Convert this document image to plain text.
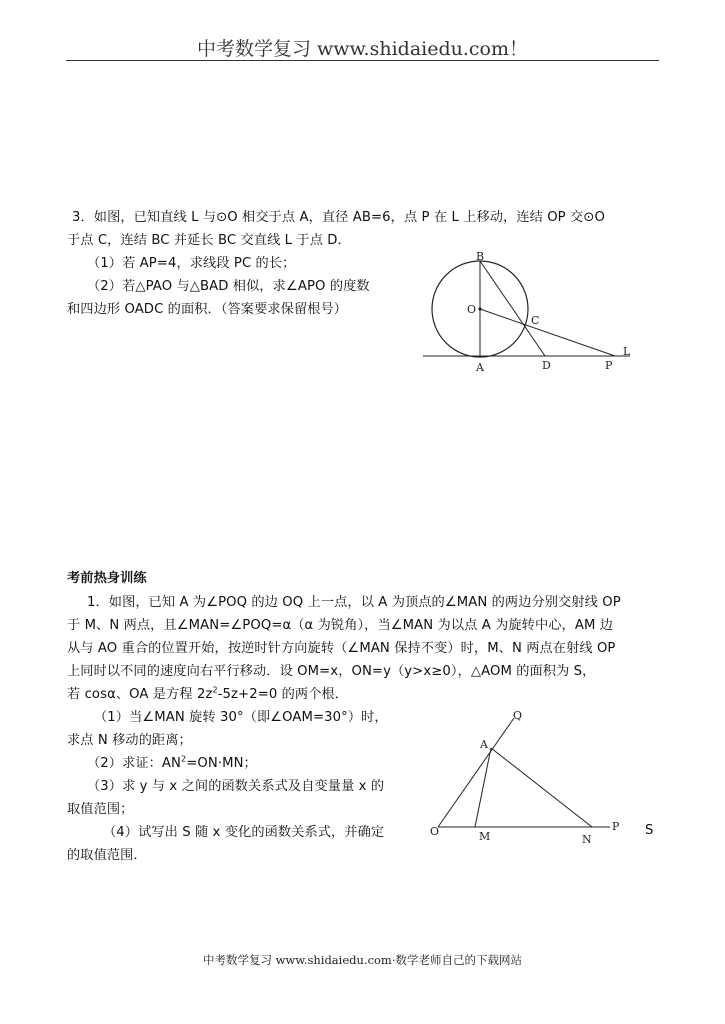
中考数学复习 www.shidaiedu.com！
3．如图，已知直线 L 与⊙O 相交于点 A，直径 AB=6，点 P 在 L 上移动，连结 OP 交⊙O
于点 C，连结 BC 并延长 BC 交直线 L 于点 D．
（1）若 AP=4，求线段 PC 的长；
（2）若△PAO 与△BAD 相似，求∠APO 的度数
和四边形 OADC 的面积．（答案要求保留根号）
B
O
C
L
A	D	P
考前热身训练
1．如图，已知 A 为∠POQ 的边 OQ 上一点，以 A 为顶点的∠MAN 的两边分别交射线 OP
于 M、N 两点，且∠MAN=∠POQ=α（α 为锐角），当∠MAN 为以点 A 为旋转中心，AM 边
从与 AO 重合的位置开始，按逆时针方向旋转（∠MAN 保持不变）时，M、N 两点在射线 OP
上同时以不同的速度向右平行移动．设 OM=x，ON=y（y>x≥0），△AOM 的面积为 S，
若 cosα、OA 是方程 $2z^2-5z+2=0$ 的两个根．
（1）当∠MAN 旋转 30°（即∠OAM=30°）时，
求点 N 移动的距离；
（2）求证：$AN^2=ON\cdot MN$；
（3）求 y 与 x 之间的函数关系式及自变量量 x 的
取值范围；
（4）试写出 S 随 x 变化的函数关系式，并确定
的取值范围．
S
Q
A
O	M	N
P
中考数学复习 www.shidaiedu.com·数学老师自己的下载网站
